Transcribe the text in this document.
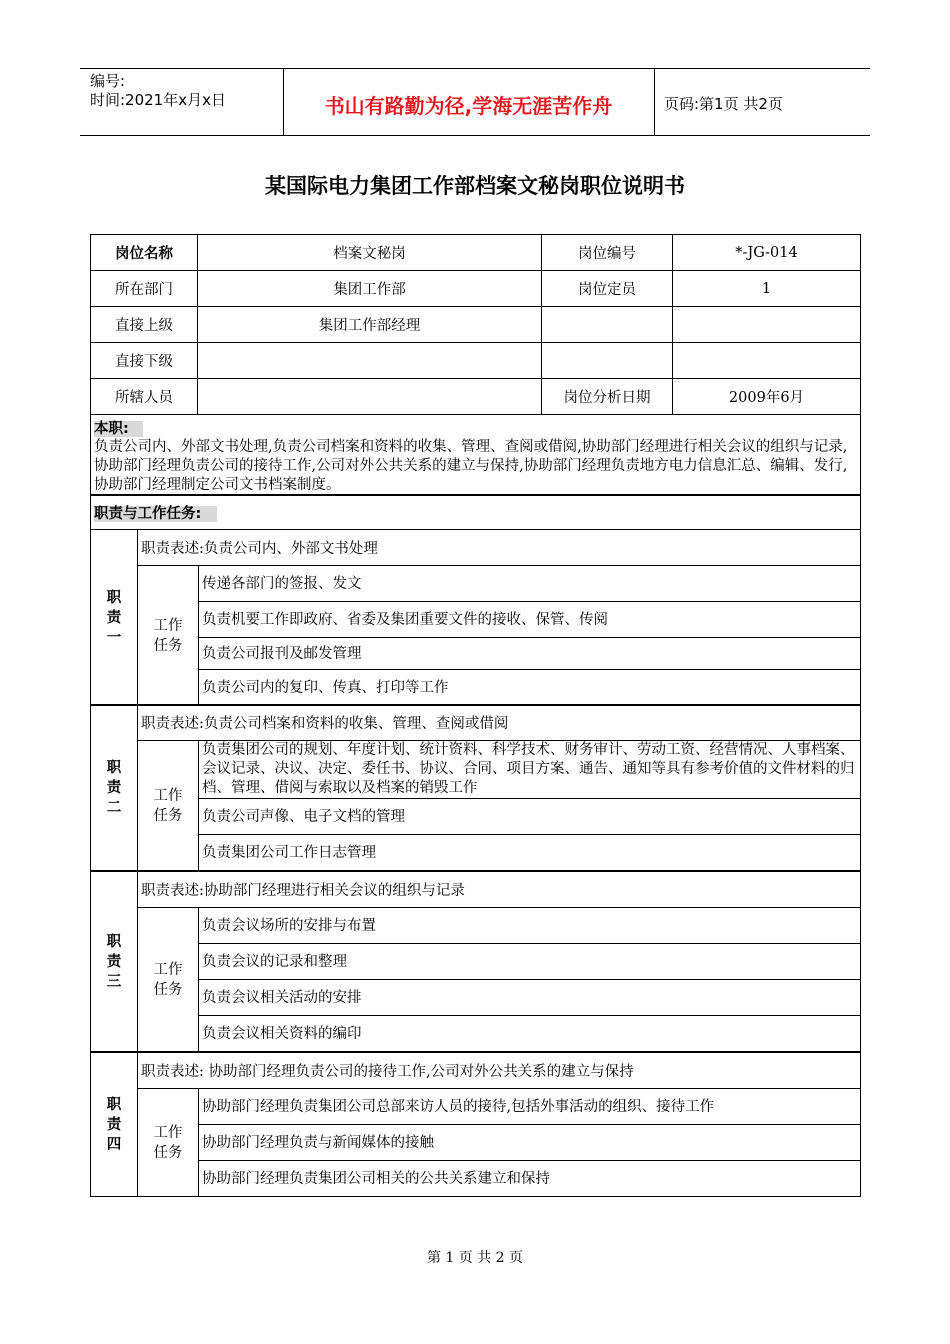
编号:
时间:2021年x月x日	书山有路勤为径,学海无涯苦作舟	页码:第1页 共2页
某国际电力集团工作部档案文秘岗职位说明书
岗位名称	档案文秘岗	岗位编号	*-JG-014
所在部门	集团工作部	岗位定员	1
直接上级	集团工作部经理		
直接下级			
所辖人员		岗位分析日期	2009年6月

本职:
负责公司内、外部文书处理,负责公司档案和资料的收集、管理、查阅或借阅,协助部门经理进行相关会议的组织与记录,协助部门经理负责公司的接待工作,公司对外公共关系的建立与保持,协助部门经理负责地方电力信息汇总、编辑、发行,协助部门经理制定公司文书档案制度。			
职责与工作任务:
职
责
一	职责表述:负责公司内、外部文书处理	
	工作
任务	传递各部门的签报、发文
		负责机要工作即政府、省委及集团重要文件的接收、保管、传阅
		负责公司报刊及邮发管理
		负责公司内的复印、传真、打印等工作
职
责
二	职责表述:负责公司档案和资料的收集、管理、查阅或借阅	
	工作
任务	负责集团公司的规划、年度计划、统计资料、科学技术、财务审计、劳动工资、经营情况、人事档案、会议记录、决议、决定、委任书、协议、合同、项目方案、通告、通知等具有参考价值的文件材料的归档、管理、借阅与索取以及档案的销毁工作
		负责公司声像、电子文档的管理
		负责集团公司工作日志管理
职
责
三	职责表述:协助部门经理进行相关会议的组织与记录	
	工作
任务	负责会议场所的安排与布置
		负责会议的记录和整理
		负责会议相关活动的安排
		负责会议相关资料的编印
职
责
四	职责表述: 协助部门经理负责公司的接待工作,公司对外公共关系的建立与保持	
	工作
任务	协助部门经理负责集团公司总部来访人员的接待,包括外事活动的组织、接待工作
		协助部门经理负责与新闻媒体的接触
		协助部门经理负责集团公司相关的公共关系建立和保持
第 1 页 共 2 页
